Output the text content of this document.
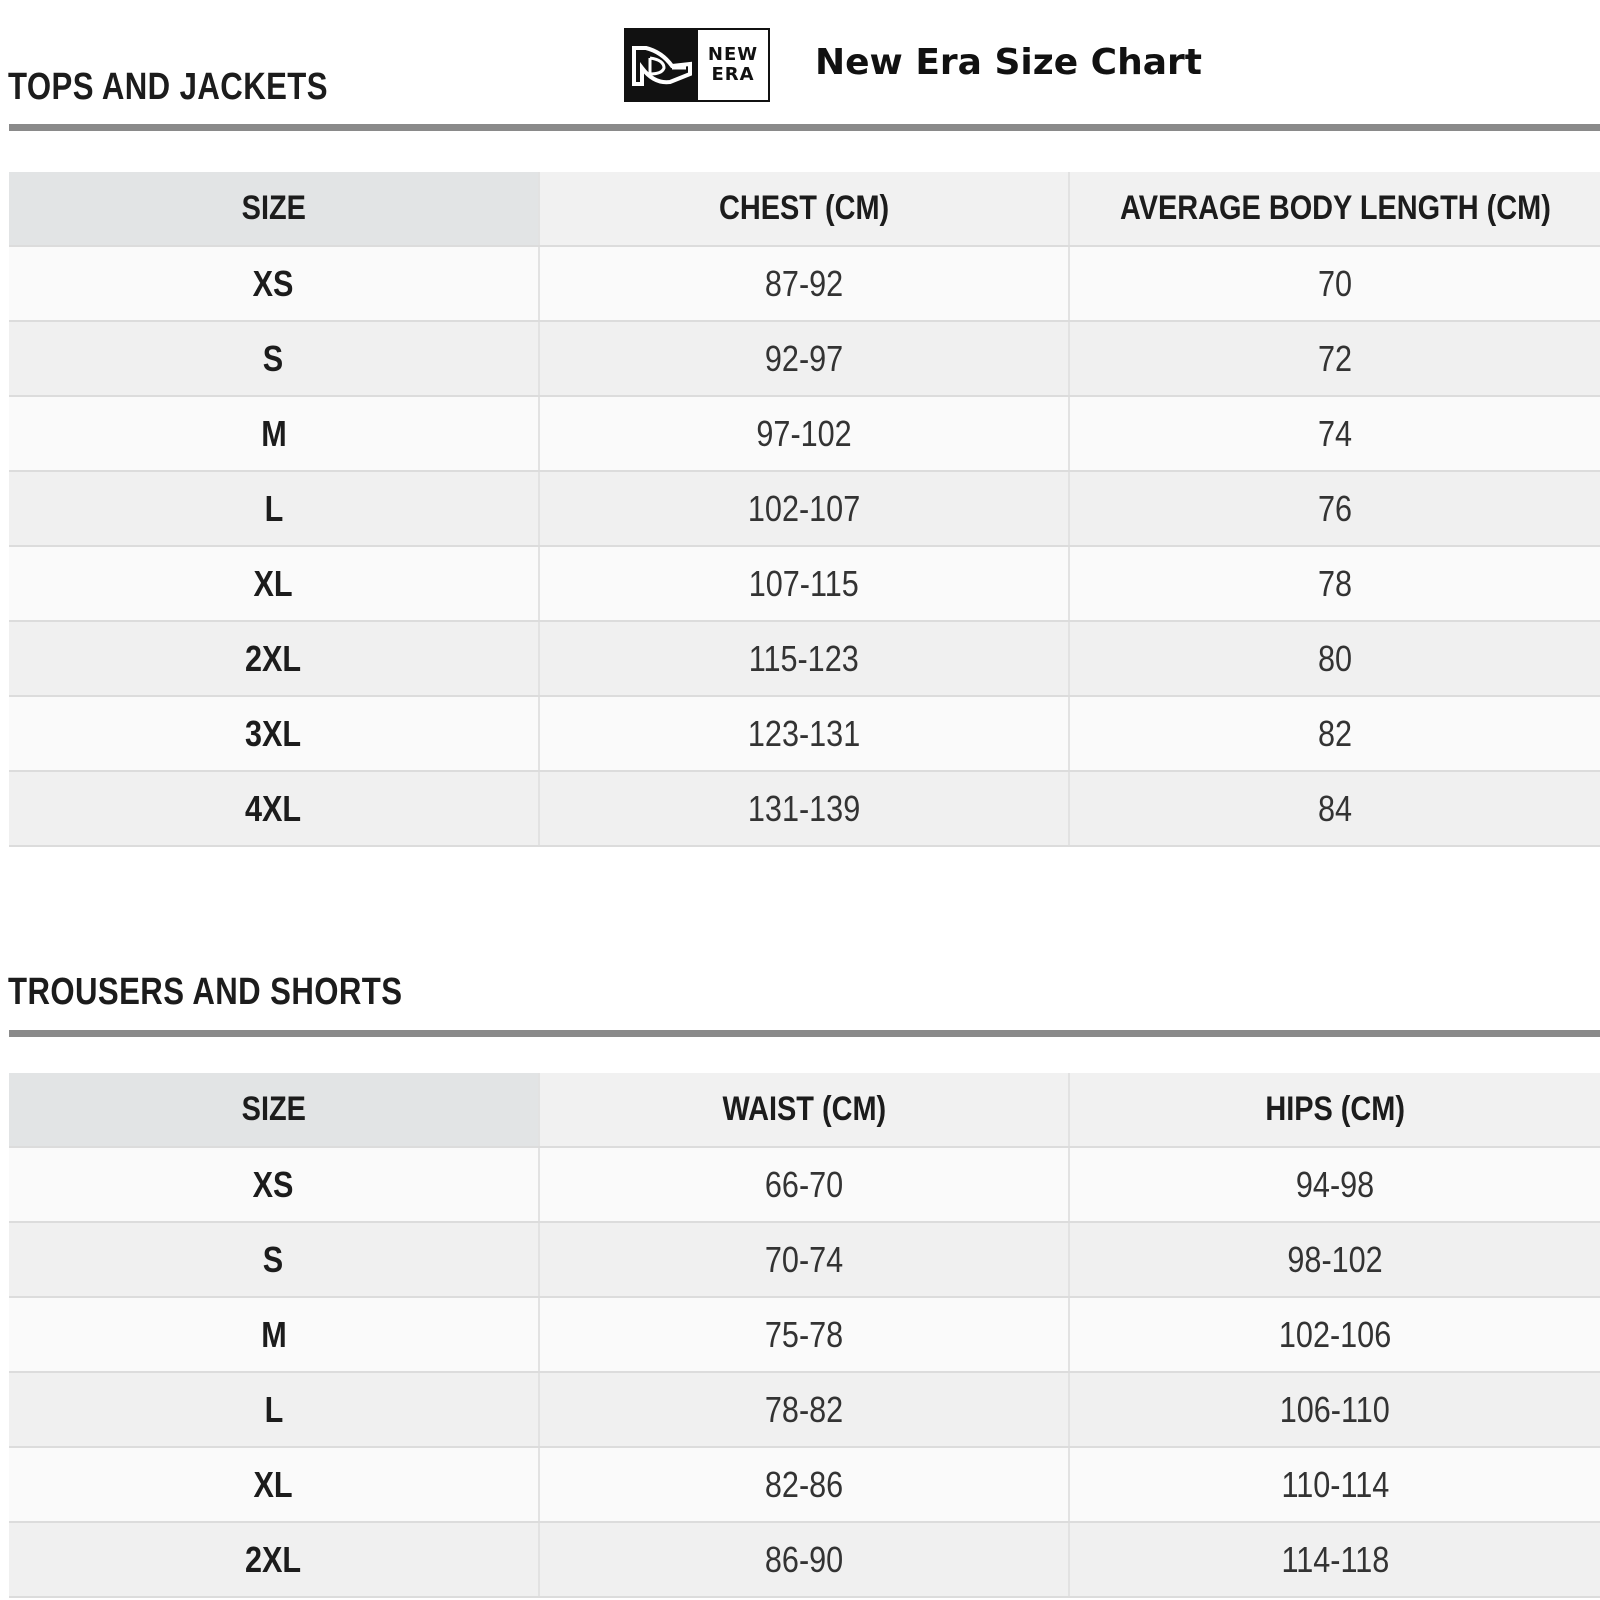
NEW
ERA New Era Size Chart
TOPS AND JACKETS
SIZE	CHEST (CM)	AVERAGE BODY LENGTH (CM)
XS	87-92	70
S	92-97	72
M	97-102	74
L	102-107	76
XL	107-115	78
2XL	115-123	80
3XL	123-131	82
4XL	131-139	84
TROUSERS AND SHORTS
SIZE	WAIST (CM)	HIPS (CM)
XS	66-70	94-98
S	70-74	98-102
M	75-78	102-106
L	78-82	106-110
XL	82-86	110-114
2XL	86-90	114-118
